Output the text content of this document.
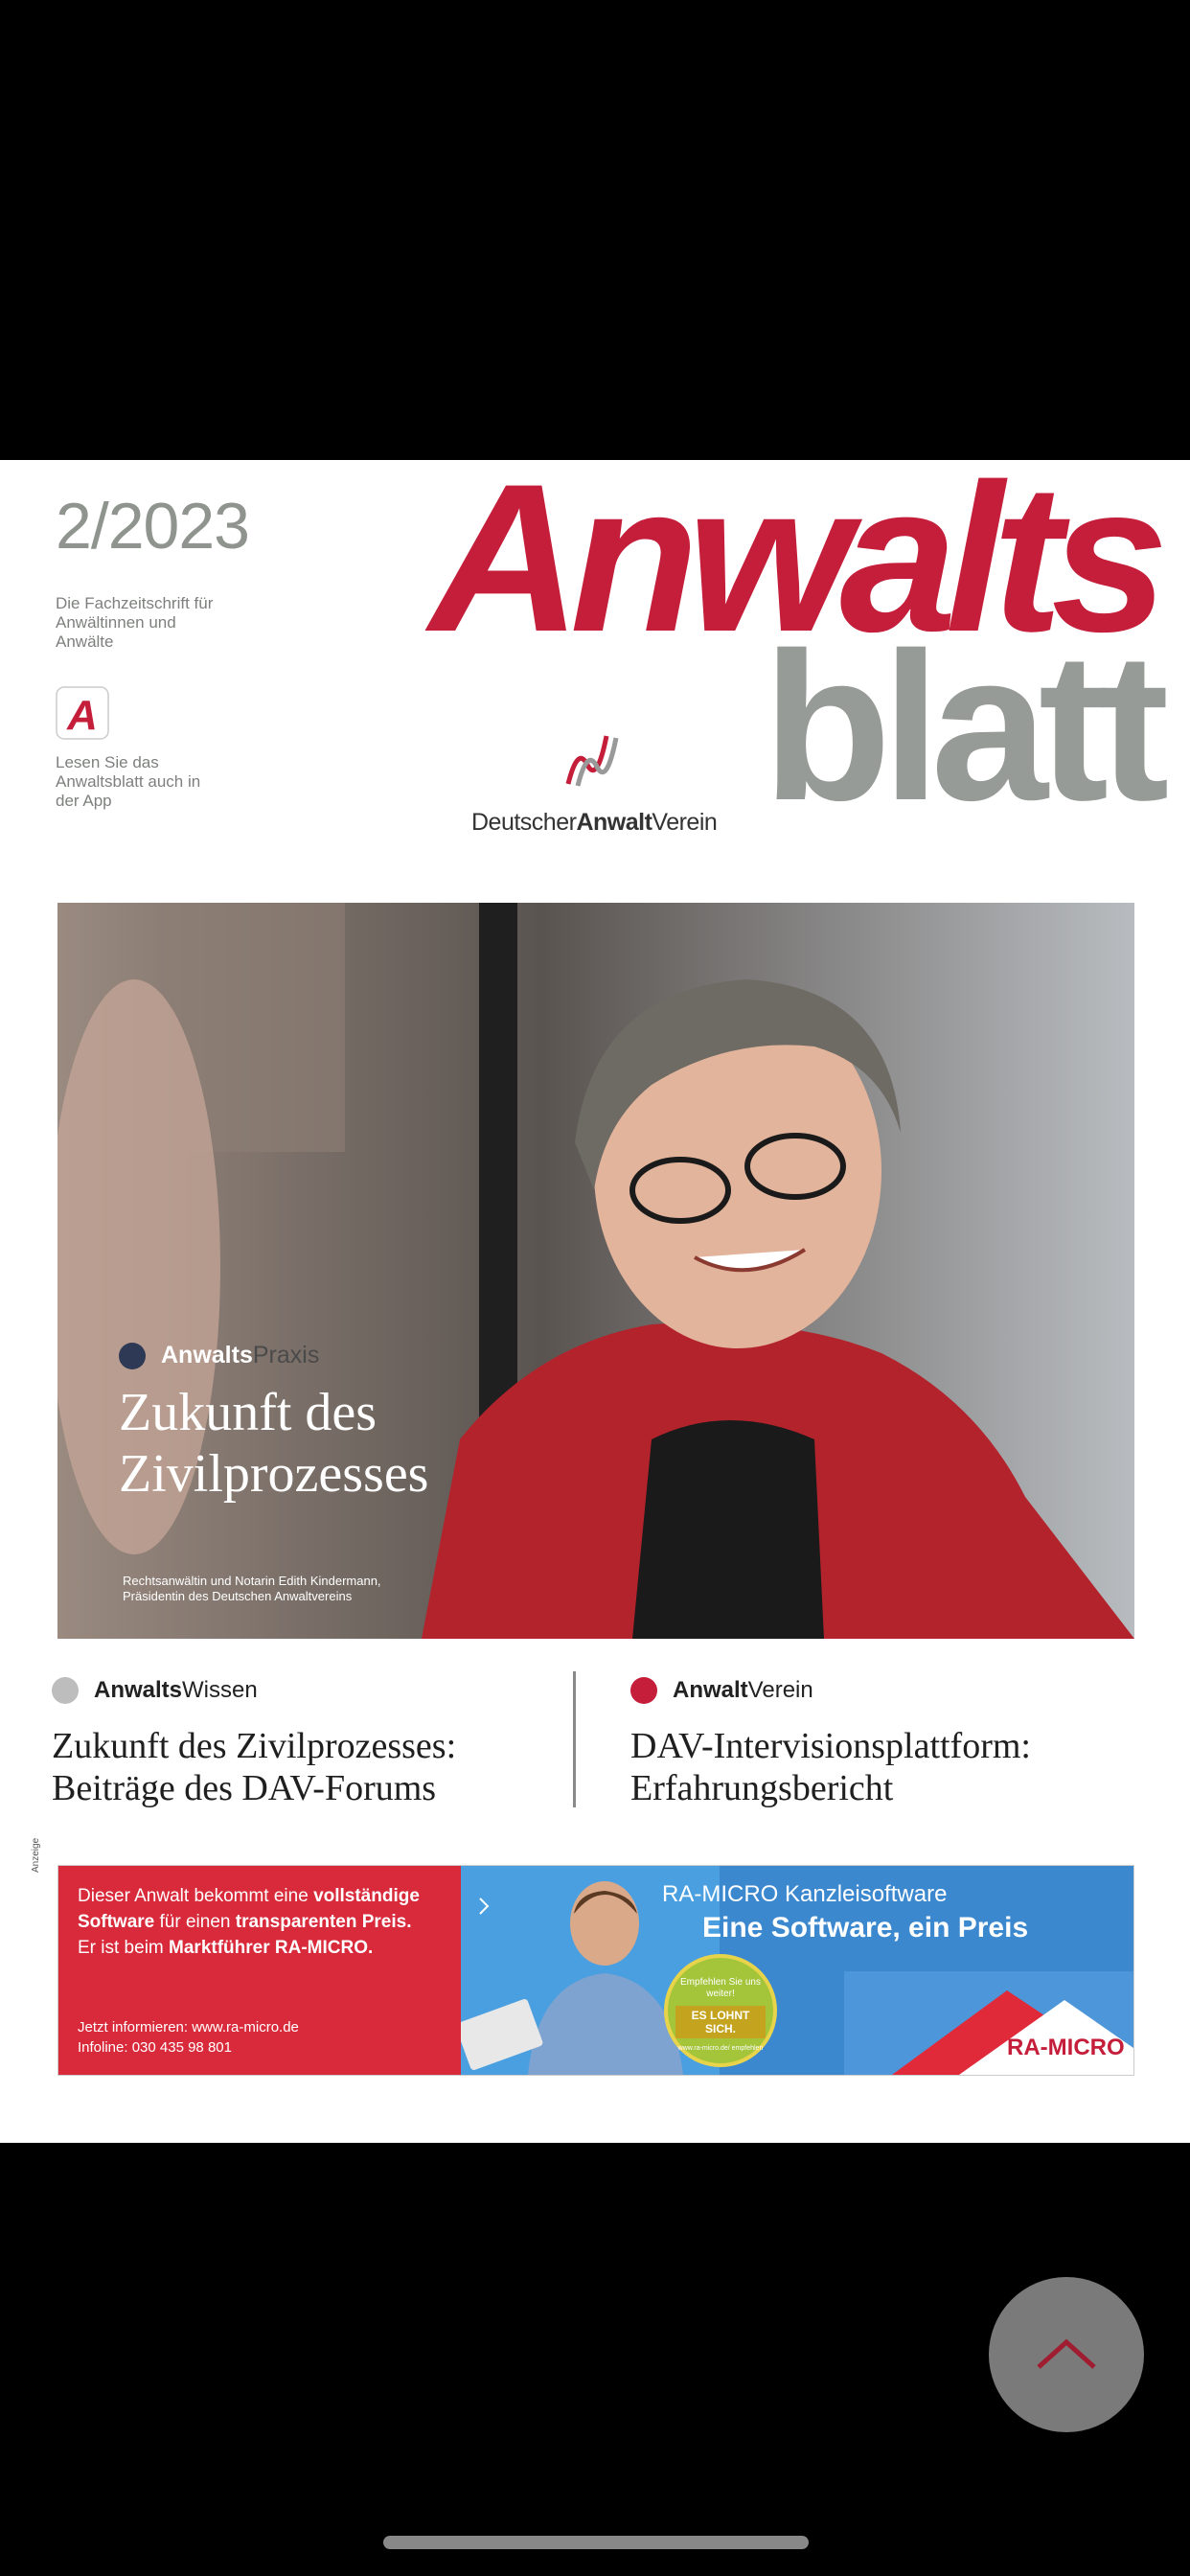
2/2023
Die Fachzeitschrift für Anwältinnen und Anwälte
A
Lesen Sie das Anwaltsblatt auch in der App
Anwalts
blatt
DeutscherAnwaltVerein
Anwalts Praxis
Zukunft des Zivilprozesses
Rechtsanwältin und Notarin Edith Kindermann,
Präsidentin des Deutschen Anwaltvereins
Anwalts Wissen
Zukunft des Zivilprozesses: Beiträge des DAV-Forums
Anwalt Verein
DAV-Intervisionsplattform: Erfahrungsbericht
Anzeige
Dieser Anwalt bekommt eine vollständige
Software für einen transparenten Preis.
Er ist beim Marktführer RA-MICRO.
Jetzt informieren: www.ra-micro.de
Infoline: 030 435 98 801
RA-MICRO Kanzleisoftware
Eine Software, ein Preis
Empfehlen Sie uns weiter!
ES LOHNT SICH.
www.ra-micro.de/ empfehlen	RA-MICRO
